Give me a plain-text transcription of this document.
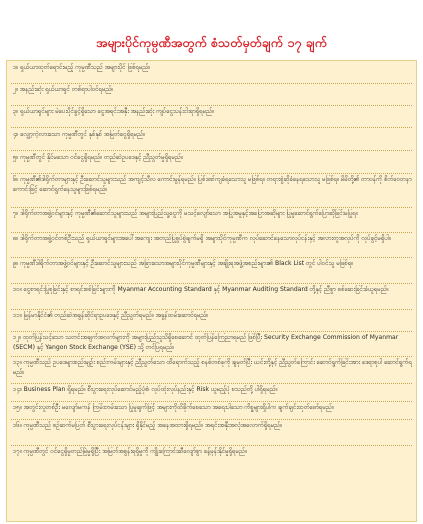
အများပိုင်ကုမ္ပဏီအတွက် စံသတ်မှတ်ချက် ၁၇ ချက်
၁။ ရှယ်ယာထုတ်ရောင်းမည့် ကုမ္ပဏီသည် အများပိုင် ဖြစ်ရမည်။
၂။ အနည်းဆုံး ရှယ်ယာရှင် တစ်ရာပါဝင်ရမည်။
၃။ ရှယ်ယာရှင်များ မဲပေးပိုင်ခွင့်ရှိသော ငွေအရင်းအနှီး အနည်းဆုံး ကျပ်ငွေသန်းငါးရာရှိရမည်။
၄။ လျှော့ကဲ့လားသော ကုမ္ပဏီတွင် နှစ်နှစ် အမြတ်ငွေရှိရမည်။
၅။ ကုမ္ပဏီတွင် နိုင်မသော ဝင်ငွေရှိရမည်။ တည်ဆဲဥပဒေနှင့် ညီညွတ်မှုရှိရမည်။
၆။ ကုမ္ပဏီ၏ဒါရိုက်တာများနှင့် ဦးဆောင်သူများသည် အကျင့်သီလ ကောင်းမွန်ရမည်။ ပြစ်ဒဏ်ကျခံရသောသူ မဖြစ်ရ။ တရားစွဲဆိုခံနေရသောသူ မဖြစ်ရ။ မိမိတို့၏ တာဝန်ကို စိတ်ဝေတနာကောင်းဖြင့် ဆောင်ရွက်နေသူများဖြစ်ရမည်။
၇။ ဒါရိုက်တာအဖွဲ့ဝင်များနှင့် ကုမ္ပဏီ၏ဆောင်သူများသည် အများပြည်သူ့ငွေကို မသင့်လျော်သော အပြုအမူနှင့်အပြောအဆိုများ ပြုမူဆောင်ရွက်ပြောဆိုခြင်းမပြုရ။
၈။ ဒါရိုက်တာအဖွဲ့ဝင်တစ်ဦးသည် ရှယ်ယာရှင်များအပေါ်အကျေး အတည်ပြုစွပ်စွဲချက်မရှိ အများပိုင်ကုမ္ပဏီက လုပ်ဆောင်နေသောလုပ်ငန်းနှင့် အလားတူအလုပ်ကို လုပ်ခွင့်မရှိပါ။
၉။ ကုမ္ပဏီဒါရိုက်တာအဖွဲ့ဝင်များနှင့် ဦးဆောင်သူများသည် အခြားသောအများပိုင်ကုမ္ပဏီများနှင့် အချိုးရအဖွဲ့အစည်းများ၏ Black List တွင် ပါဝင်သူ မဖြစ်ရ။
၁၀။ ငွေစာရင်းပြုစုခြင်းနှင့် စာရင်းစစ်ခြင်းများကို Myanmar Accounting Standard နှင့် Myanmar Auditing Standard တို့နှင့် ညီစွာ စစ်ဆေးခြင်းခံယူရမည်။
၁၁။ မြန်မာနိုင်ငံ၏ တည်ဆဲအခွန်ဆိုင်ရာဥပဒေနှင့် ညီညွတ်ရမည်။ အခွန်ထမ်းဆောင်ရမည်။
၁၂။ ထုတ်ပြန်သင့်သော သတင်းအချက်အလက်များကို အများပြည်သူသိရှိစေဆောင် ထုတ်ပြန်ကြေညာရမည် ဖြစ်ပြီး Security Exchange Commission of Myanmar (SECM) နှင့် Yangon Stock Exchange (YSE) သို့ တင်ပြရမည်။
၁၃။ ကုမ္ပဏီသည် ဥပဒေများစည်းမျဉ်း စည်းကမ်းများနှင့် ညီညွတ်သော ထိရောက်သည့် စနစ်တစ်ခုကို ချမှတ်ပြီး ယင်းတို့နှင့် ညီညွတ်ကြောင်း ဆောင်ရွက်ခြင်းအား ဒေရာစုပါ ဆောင်ရွက်ရမည်။
၁၄။ Business Plan ရှိရမည်။ စီးပွားရေးလုပ်ဆောင်မည့်ပုံစံ၊ လုပ်ထုံးလုပ်နည်းနှင့် Risk ယူမည့်ပုံ စသည်တို့ ပါရှိရမည်။
၁၅။ အတွင်းလူတစ်ဦး မလျော်မကန် ကြမ်းတမ်းသော ပြုမူချက်ဖြင့် အများကိုထိခိုက်စေသော အရေးပါသော ကိစ္စများရှိပါက ချက်ချင်းထုတ်ဖော်ရမည်။
၁၆။ ကုမ္ပဏီသည် စဉ်ဆက်မပြတ် စီးပွားရေးလုပ်ငန်းများ ရှိနိုင်မည့် အနေအထားရှိရမည်။ အရင်းအနှီးအလုံအလောက်ရှိရမည်။
၁၇။ ကုမ္ပဏီတွင် ဝင်ငွေရှိမှုတည်မြဲမှုရှိပြီး အမြတ်အစွန်းရရှိမှုကို ကျိုးကြောင်းဆီလျော်စွာ ခန့်မှန်းနိုင်မှုရှိရမည်။
